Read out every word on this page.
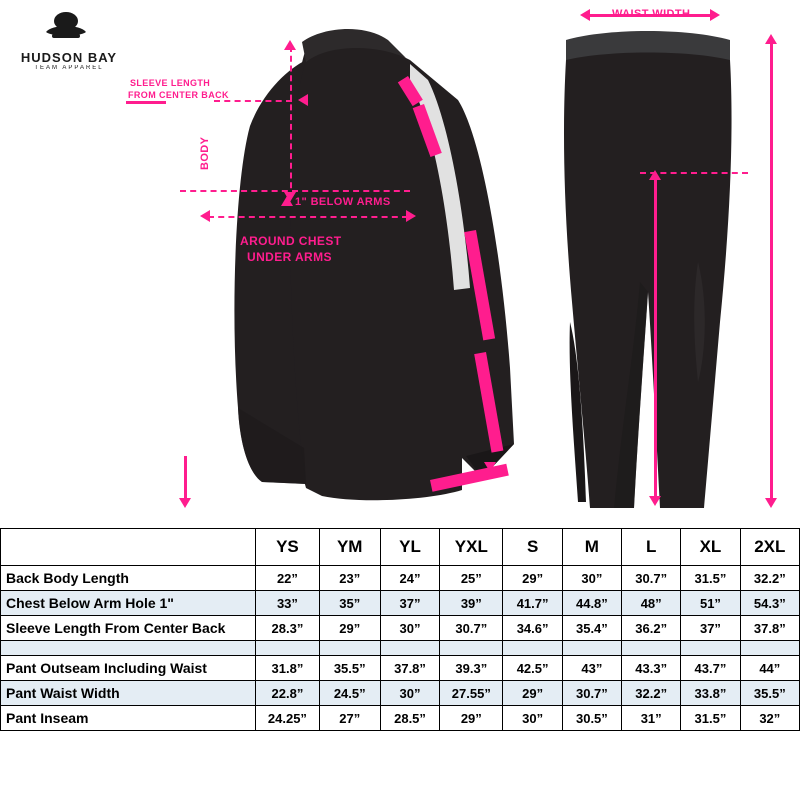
HUDSON BAY
TEAM APPAREL
SLEEVE LENGTH
FROM CENTER BACK
BODY
1" BELOW ARMS
AROUND CHEST
UNDER ARMS
WAIST WIDTH
	YS	YM	YL	YXL	S	M	L	XL	2XL
Back Body Length	22”	23”	24”	25”	29”	30”	30.7”	31.5”	32.2”
Chest Below Arm Hole 1"	33”	35”	37”	39”	41.7”	44.8”	48”	51”	54.3”
Sleeve Length From Center Back	28.3”	29”	30”	30.7”	34.6”	35.4”	36.2”	37”	37.8”

Pant Outseam Including Waist	31.8”	35.5”	37.8”	39.3”	42.5”	43”	43.3”	43.7”	44”
Pant Waist Width	22.8”	24.5”	30”	27.55”	29”	30.7”	32.2”	33.8”	35.5”
Pant Inseam	24.25”	27”	28.5”	29”	30”	30.5”	31”	31.5”	32”
